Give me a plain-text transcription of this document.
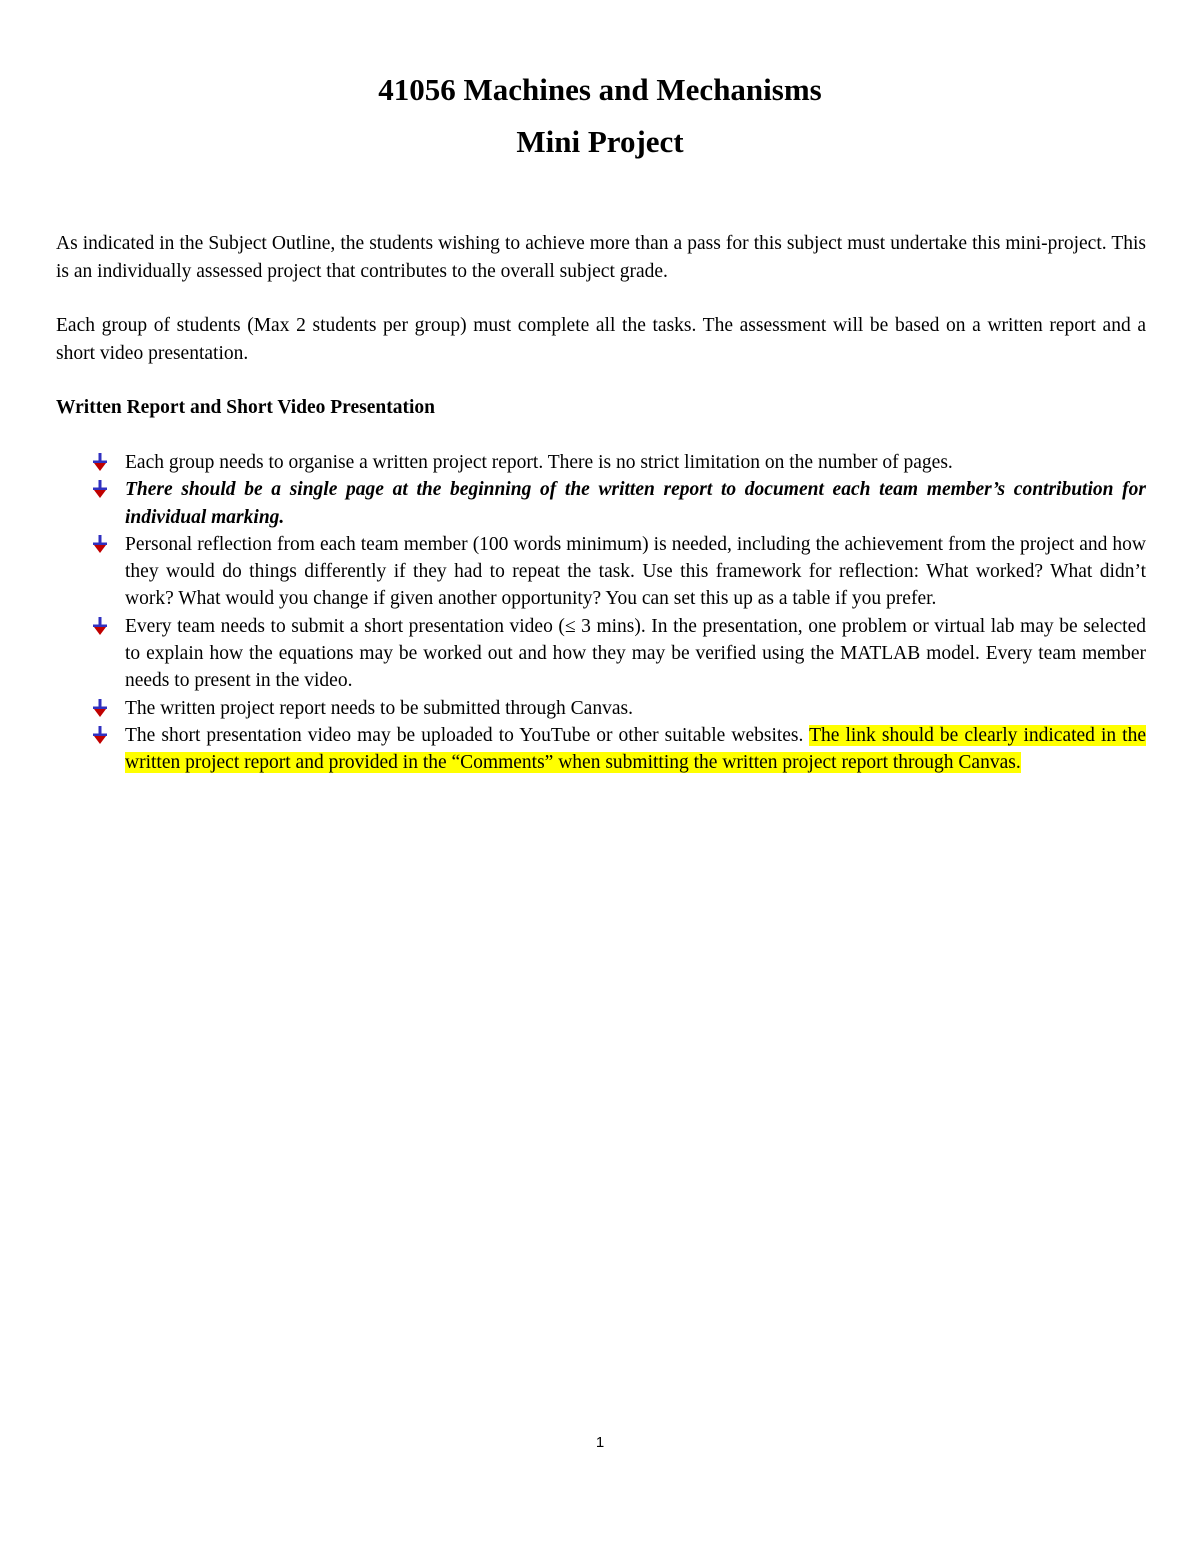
41056 Machines and Mechanisms
Mini Project

As indicated in the Subject Outline, the students wishing to achieve more than a pass for this subject must undertake this mini-project. This is an individually assessed project that contributes to the overall subject grade.

Each group of students (Max 2 students per group) must complete all the tasks. The assessment will be based on a written report and a short video presentation.

Written Report and Short Video Presentation
Each group needs to organise a written project report. There is no strict limitation on the number of pages.
There should be a single page at the beginning of the written report to document each team member’s contribution for individual marking.
Personal reflection from each team member (100 words minimum) is needed, including the achievement from the project and how they would do things differently if they had to repeat the task. Use this framework for reflection: What worked? What didn’t work? What would you change if given another opportunity? You can set this up as a table if you prefer.
Every team needs to submit a short presentation video (≤ 3 mins). In the presentation, one problem or virtual lab may be selected to explain how the equations may be worked out and how they may be verified using the MATLAB model. Every team member needs to present in the video.
The written project report needs to be submitted through Canvas.
The short presentation video may be uploaded to YouTube or other suitable websites. The link should be clearly indicated in the written project report and provided in the “Comments” when submitting the written project report through Canvas.
1
